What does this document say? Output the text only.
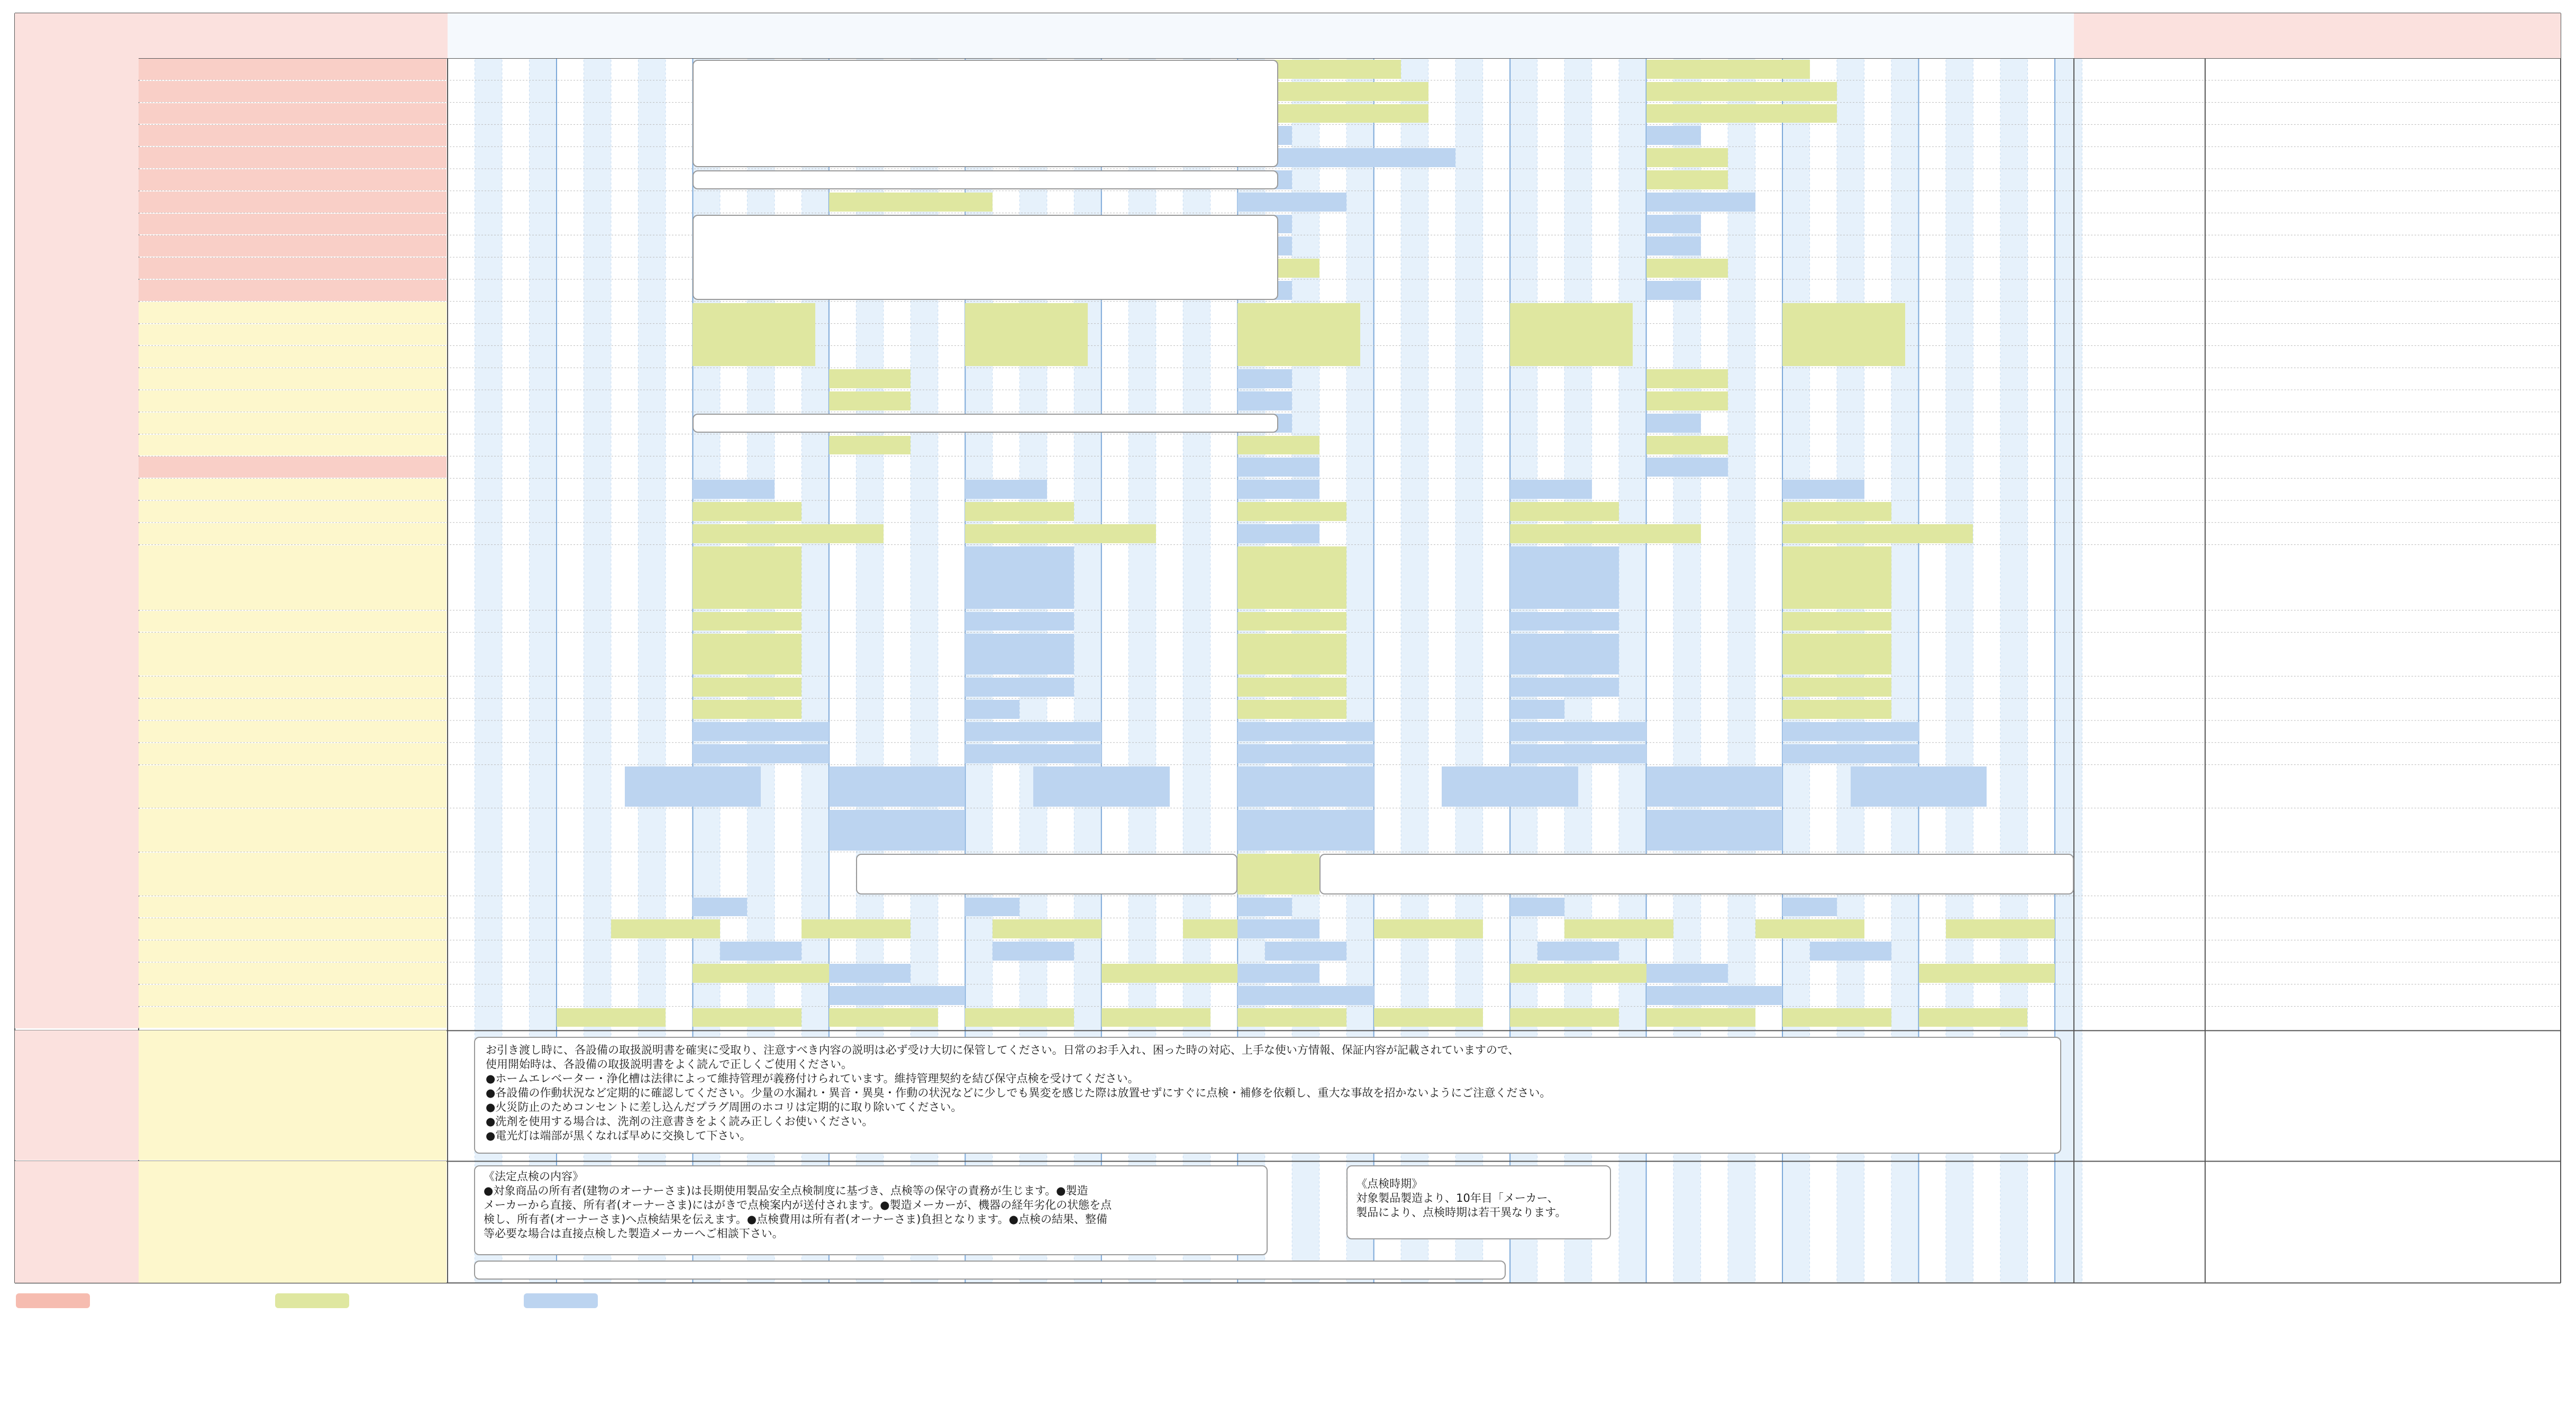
お引き渡し時に、各設備の取扱説明書を確実に受取り、注意すべき内容の説明は必ず受け大切に保管してください。日常のお手入れ、困った時の対応、上手な使い方情報、保証内容が記載されていますので、
使用開始時は、各設備の取扱説明書をよく読んで正しくご使用ください。
●ホームエレベーター・浄化槽は法律によって維持管理が義務付けられています。維持管理契約を結び保守点検を受けてください。
●各設備の作動状況など定期的に確認してください。少量の水漏れ・異音・異臭・作動の状況などに少しでも異変を感じた際は放置せずにすぐに点検・補修を依頼し、重大な事故を招かないようにご注意ください。
●火災防止のためコンセントに差し込んだプラグ周囲のホコリは定期的に取り除いてください。
●洗剤を使用する場合は、洗剤の注意書きをよく読み正しくお使いください。
●電光灯は端部が黒くなれば早めに交換して下さい。
《法定点検の内容》
●対象商品の所有者(建物のオーナーさま)は長期使用製品安全点検制度に基づき、点検等の保守の責務が生じます。●製造
メーカーから直接、所有者(オーナーさま)にはがきで点検案内が送付されます。●製造メーカーが、機器の経年劣化の状態を点
検し、所有者(オーナーさま)へ点検結果を伝えます。●点検費用は所有者(オーナーさま)負担となります。●点検の結果、整備
等必要な場合は直接点検した製造メーカーへご相談下さい。
《点検時期》
対象製品製造より、10年目「メーカー、
製品により、点検時期は若干異なります。
